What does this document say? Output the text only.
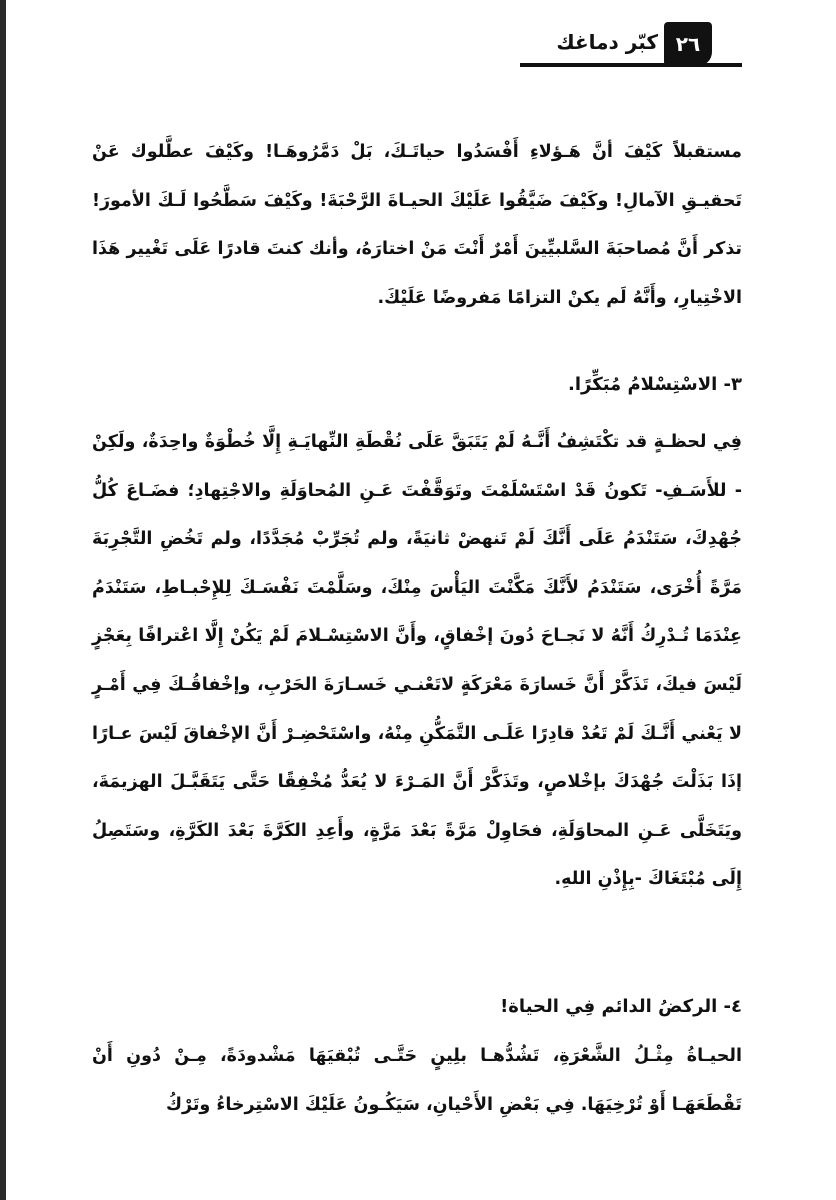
كبّر دماغك ٢٦

مستقبلاً كَيْفَ أنَّ هَـؤلاءِ أَفْسَدُوا حياتَـكَ، بَلْ دَمَّرُوهَـا! وكَيْفَ عطَّلوك عَنْ تَحقيـقِ الآمالِ! وكَيْفَ ضَيَّقُوا عَلَيْكَ الحيـاةَ الرَّحْبَةَ! وكَيْفَ سَطَّحُوا لَـكَ الأمورَ! تذكر أَنَّ مُصاحبَةَ السَّلبيِّينَ أَمْرٌ أَنْتَ مَنْ اختارَهُ، وأنك كنتَ قادرًا عَلَى تَغْيير هَذَا الاخْتِيارِ، وأَنَّهُ لَم يكنْ التزامًا مَفروضًا عَلَيْكَ.

٣- الاسْتِسْلامُ مُبَكِّرًا.

فِي لحظـةٍ قد تكْتَشِفُ أَنَّـهُ لَمْ يَتَبَقَّ عَلَى نُقْطَةِ النِّهايَـةِ إِلَّا خُطْوَةٌ واحِدَةٌ، ولَكِنْ - للأَسَـفِ- تَكونُ قَدْ اسْتَسْلَمْتَ وتَوَقَّفْتَ عَـنِ المُحاوَلَةِ والاجْتِهادِ؛ فضَـاعَ كُلُّ جُهْدِكَ، سَتَنْدَمُ عَلَى أَنَّكَ لَمْ تَنهضْ ثانيَةً، ولم تُجَرِّبْ مُجَدَّدًا، ولم تَخُضِ التَّجْرِبَةَ مَرَّةً أُخْرَى، سَتَنْدَمُ لأَنَّكَ مَكَّنْتَ اليَأْسَ مِنْكَ، وسَلَّمْتَ نَفْسَـكَ لِلإِحْبـاطِ، سَتَنْدَمُ عِنْدَمَا تُـدْرِكُ أَنَّهُ لا نَجـاحَ دُونَ إخْفاقٍ، وأَنَّ الاسْتِسْـلامَ لَمْ يَكُنْ إِلَّا اعْترافًا بِعَجْزٍ لَيْسَ فيكَ، تَذَكَّرْ أَنَّ خَسارَةَ مَعْرَكَةٍ لاتَعْنـي خَسـارَةَ الحَرْبِ، وإخْفاقُـكَ فِي أَمْـرٍ لا يَعْني أَنَّـكَ لَمْ تَعُدْ قادِرًا عَلَـى التَّمَكُّنِ مِنْهُ، واسْتَحْضِـرْ أَنَّ الإخْفاقَ لَيْسَ عـارًا إذَا بَذَلْتَ جُهْدَكَ بإخْلاصٍ، وتَذَكَّرْ أَنَّ المَـرْءَ لا يُعَدُّ مُخْفِقًا حَتَّى يَتَقَبَّـلَ الهزيمَةَ، ويَتَخَلَّى عَـنِ المحاوَلَةِ، فحَاوِلْ مَرَّةً بَعْدَ مَرَّةٍ، وأَعِدِ الكَرَّةَ بَعْدَ الكَرَّةِ، وسَتَصِلُ إِلَى مُبْتَغَاكَ -بِإِذْنِ اللهِ.

٤- الركضُ الدائم فِي الحياة!

الحيـاةُ مِثْـلُ الشَّعْرَةِ، تَشُدُّهـا بلِينٍ حَتَّـى تُبْقيَهَا مَشْدودَةً، مِـنْ دُونِ أَنْ تَقْطَعَهَـا أَوْ تُرْخِيَهَا. فِي بَعْضِ الأَحْيانِ، سَيَكُـونُ عَلَيْكَ الاسْتِرخاءُ وتَرْكُ
